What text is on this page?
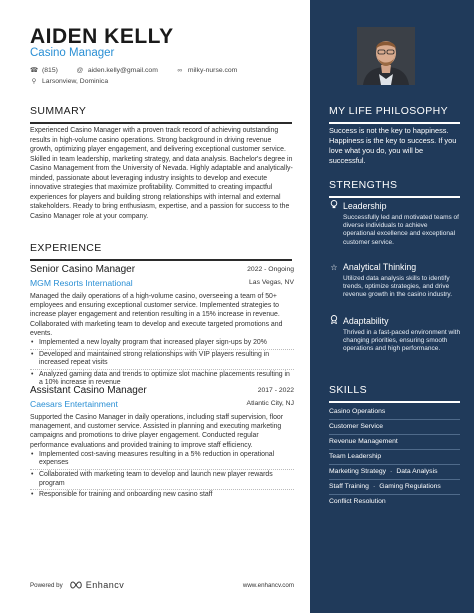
AIDEN KELLY
Casino Manager
☎ (815)	@ aiden.kelly@gmail.com	∞ milky-nurse.com
⚲ Larsonview, Dominica
SUMMARY
Experienced Casino Manager with a proven track record of achieving outstanding results in high-volume casino operations. Strong background in driving revenue growth, optimizing player engagement, and delivering exceptional customer service. Skilled in team leadership, marketing strategy, and data analysis. Bachelor's degree in Casino Management from the University of Nevada. Highly adaptable and analytically-minded, passionate about leveraging industry insights to develop and execute innovative strategies that maximize profitability. Committed to creating impactful experiences for players and building strong relationships with internal and external stakeholders. Ready to bring enthusiasm, expertise, and a passion for success to the Casino Manager role at your company.
EXPERIENCE
Senior Casino Manager	2022 - Ongoing
MGM Resorts International	Las Vegas, NV
Managed the daily operations of a high-volume casino, overseeing a team of 50+ employees and ensuring exceptional customer service. Implemented strategies to increase player engagement and retention resulting in a 15% increase in revenue. Collaborated with marketing team to develop and execute targeted promotions and events.
• Implemented a new loyalty program that increased player sign-ups by 20%
• Developed and maintained strong relationships with VIP players resulting in increased repeat visits
• Analyzed gaming data and trends to optimize slot machine placements resulting in a 10% increase in revenue
Assistant Casino Manager	2017 - 2022
Caesars Entertainment	Atlantic City, NJ
Supported the Casino Manager in daily operations, including staff supervision, floor management, and customer service. Assisted in planning and executing marketing campaigns and promotions to drive player engagement. Conducted regular performance evaluations and provided training to improve staff efficiency.
• Implemented cost-saving measures resulting in a 5% reduction in operational expenses
• Collaborated with marketing team to develop and launch new player rewards program
• Responsible for training and onboarding new casino staff
Powered by	Enhancv	www.enhancv.com
MY LIFE PHILOSOPHY
Success is not the key to happiness. Happiness is the key to success. If you love what you do, you will be successful.
STRENGTHS
Leadership
Successfully led and motivated teams of diverse individuals to achieve operational excellence and exceptional customer service.
☆ Analytical Thinking
Utilized data analysis skills to identify trends, optimize strategies, and drive revenue growth in the casino industry.
Adaptability
Thrived in a fast-paced environment with changing priorities, ensuring smooth operations and high performance.
SKILLS
Casino Operations
Customer Service
Revenue Management
Team Leadership
Marketing Strategy · Data Analysis
Staff Training · Gaming Regulations
Conflict Resolution
